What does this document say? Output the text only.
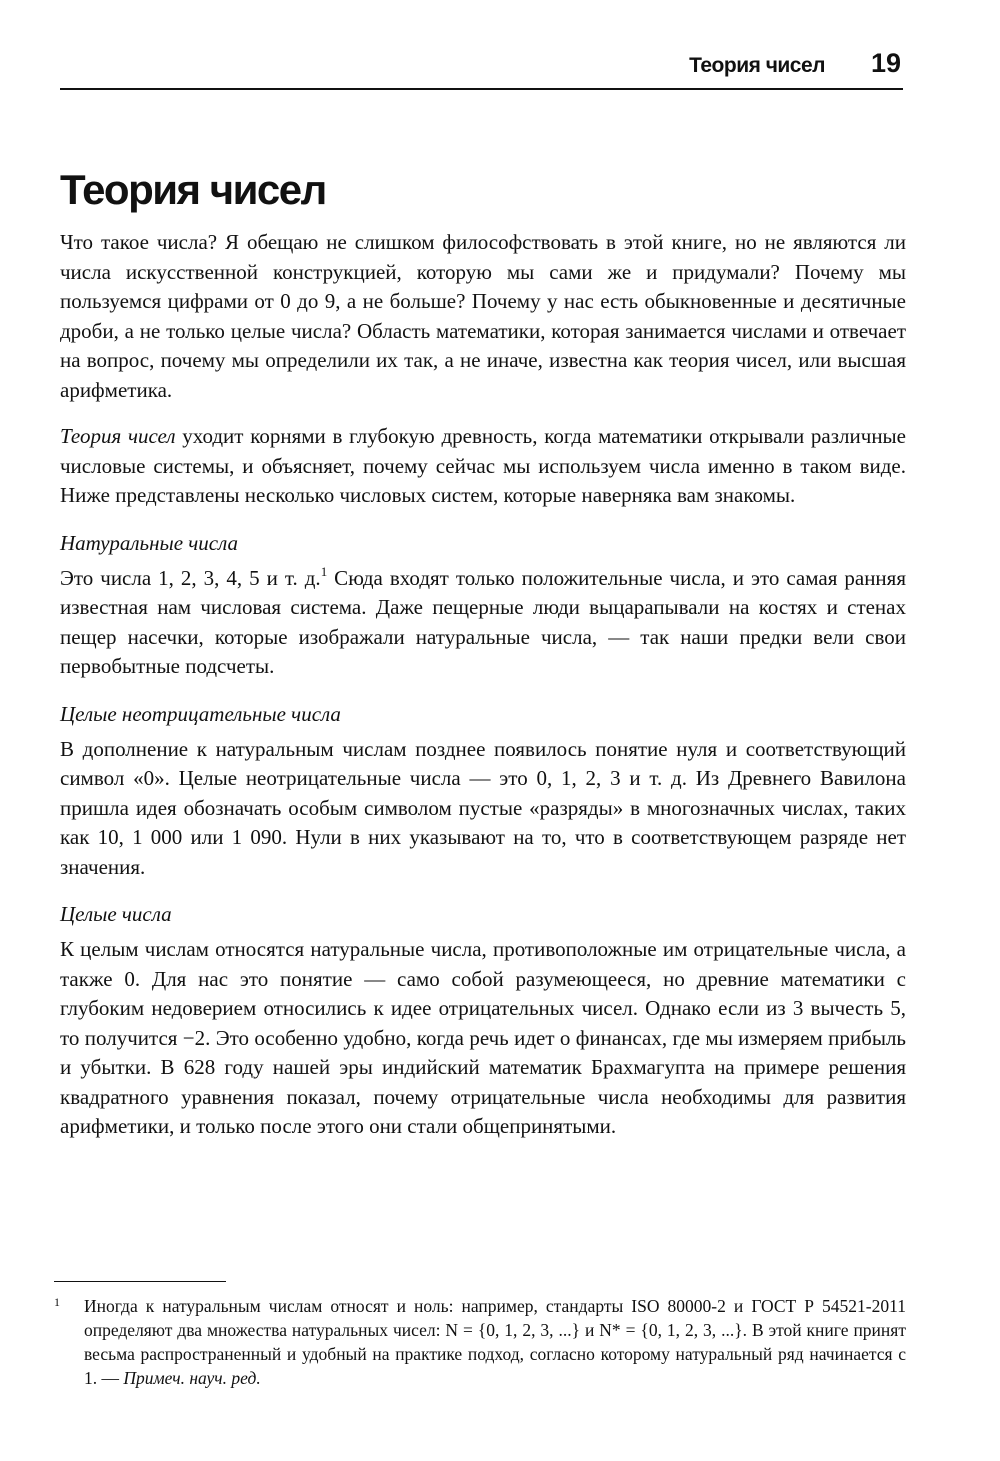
Теория чисел 19
Теория чисел

Что такое числа? Я обещаю не слишком философствовать в этой книге, но не являются ли числа искусственной конструкцией, которую мы сами же и придумали? Почему мы пользуемся цифрами от 0 до 9, а не больше? Почему у нас есть обыкновенные и десятичные дроби, а не только целые числа? Область математики, которая занимается числами и отвечает на вопрос, почему мы определили их так, а не иначе, известна как теория чисел, или высшая арифметика.

Теория чисел уходит корнями в глубокую древность, когда математики открывали различные числовые системы, и объясняет, почему сейчас мы используем числа именно в таком виде. Ниже представлены несколько числовых систем, которые наверняка вам знакомы.

Натуральные числа

Это числа 1, 2, 3, 4, 5 и т. д.$^1$ Сюда входят только положительные числа, и это самая ранняя известная нам числовая система. Даже пещерные люди выцарапывали на костях и стенах пещер насечки, которые изображали натуральные числа, — так наши предки вели свои первобытные подсчеты.

Целые неотрицательные числа

В дополнение к натуральным числам позднее появилось понятие нуля и соответствующий символ «0». Целые неотрицательные числа — это 0, 1, 2, 3 и т. д. Из Древнего Вавилона пришла идея обозначать особым символом пустые «разряды» в многозначных числах, таких как 10, 1 000 или 1 090. Нули в них указывают на то, что в соответствующем разряде нет значения.

Целые числа

К целым числам относятся натуральные числа, противоположные им отрицательные числа, а также 0. Для нас это понятие — само собой разумеющееся, но древние математики с глубоким недоверием относились к идее отрицательных чисел. Однако если из 3 вычесть 5, то получится −2. Это особенно удобно, когда речь идет о финансах, где мы измеряем прибыль и убытки. В 628 году нашей эры индийский математик Брахмагупта на примере решения квадратного уравнения показал, почему отрицательные числа необходимы для развития арифметики, и только после этого они стали общепринятыми.

1	Иногда к натуральным числам относят и ноль: например, стандарты ISO 80000-2 и ГОСТ Р 54521-2011 определяют два множества натуральных чисел: N = {0, 1, 2, 3, ...} и N* = {0, 1, 2, 3, ...}. В этой книге принят весьма распространенный и удобный на практике подход, согласно которому натуральный ряд начинается с 1. — Примеч. науч. ред.
